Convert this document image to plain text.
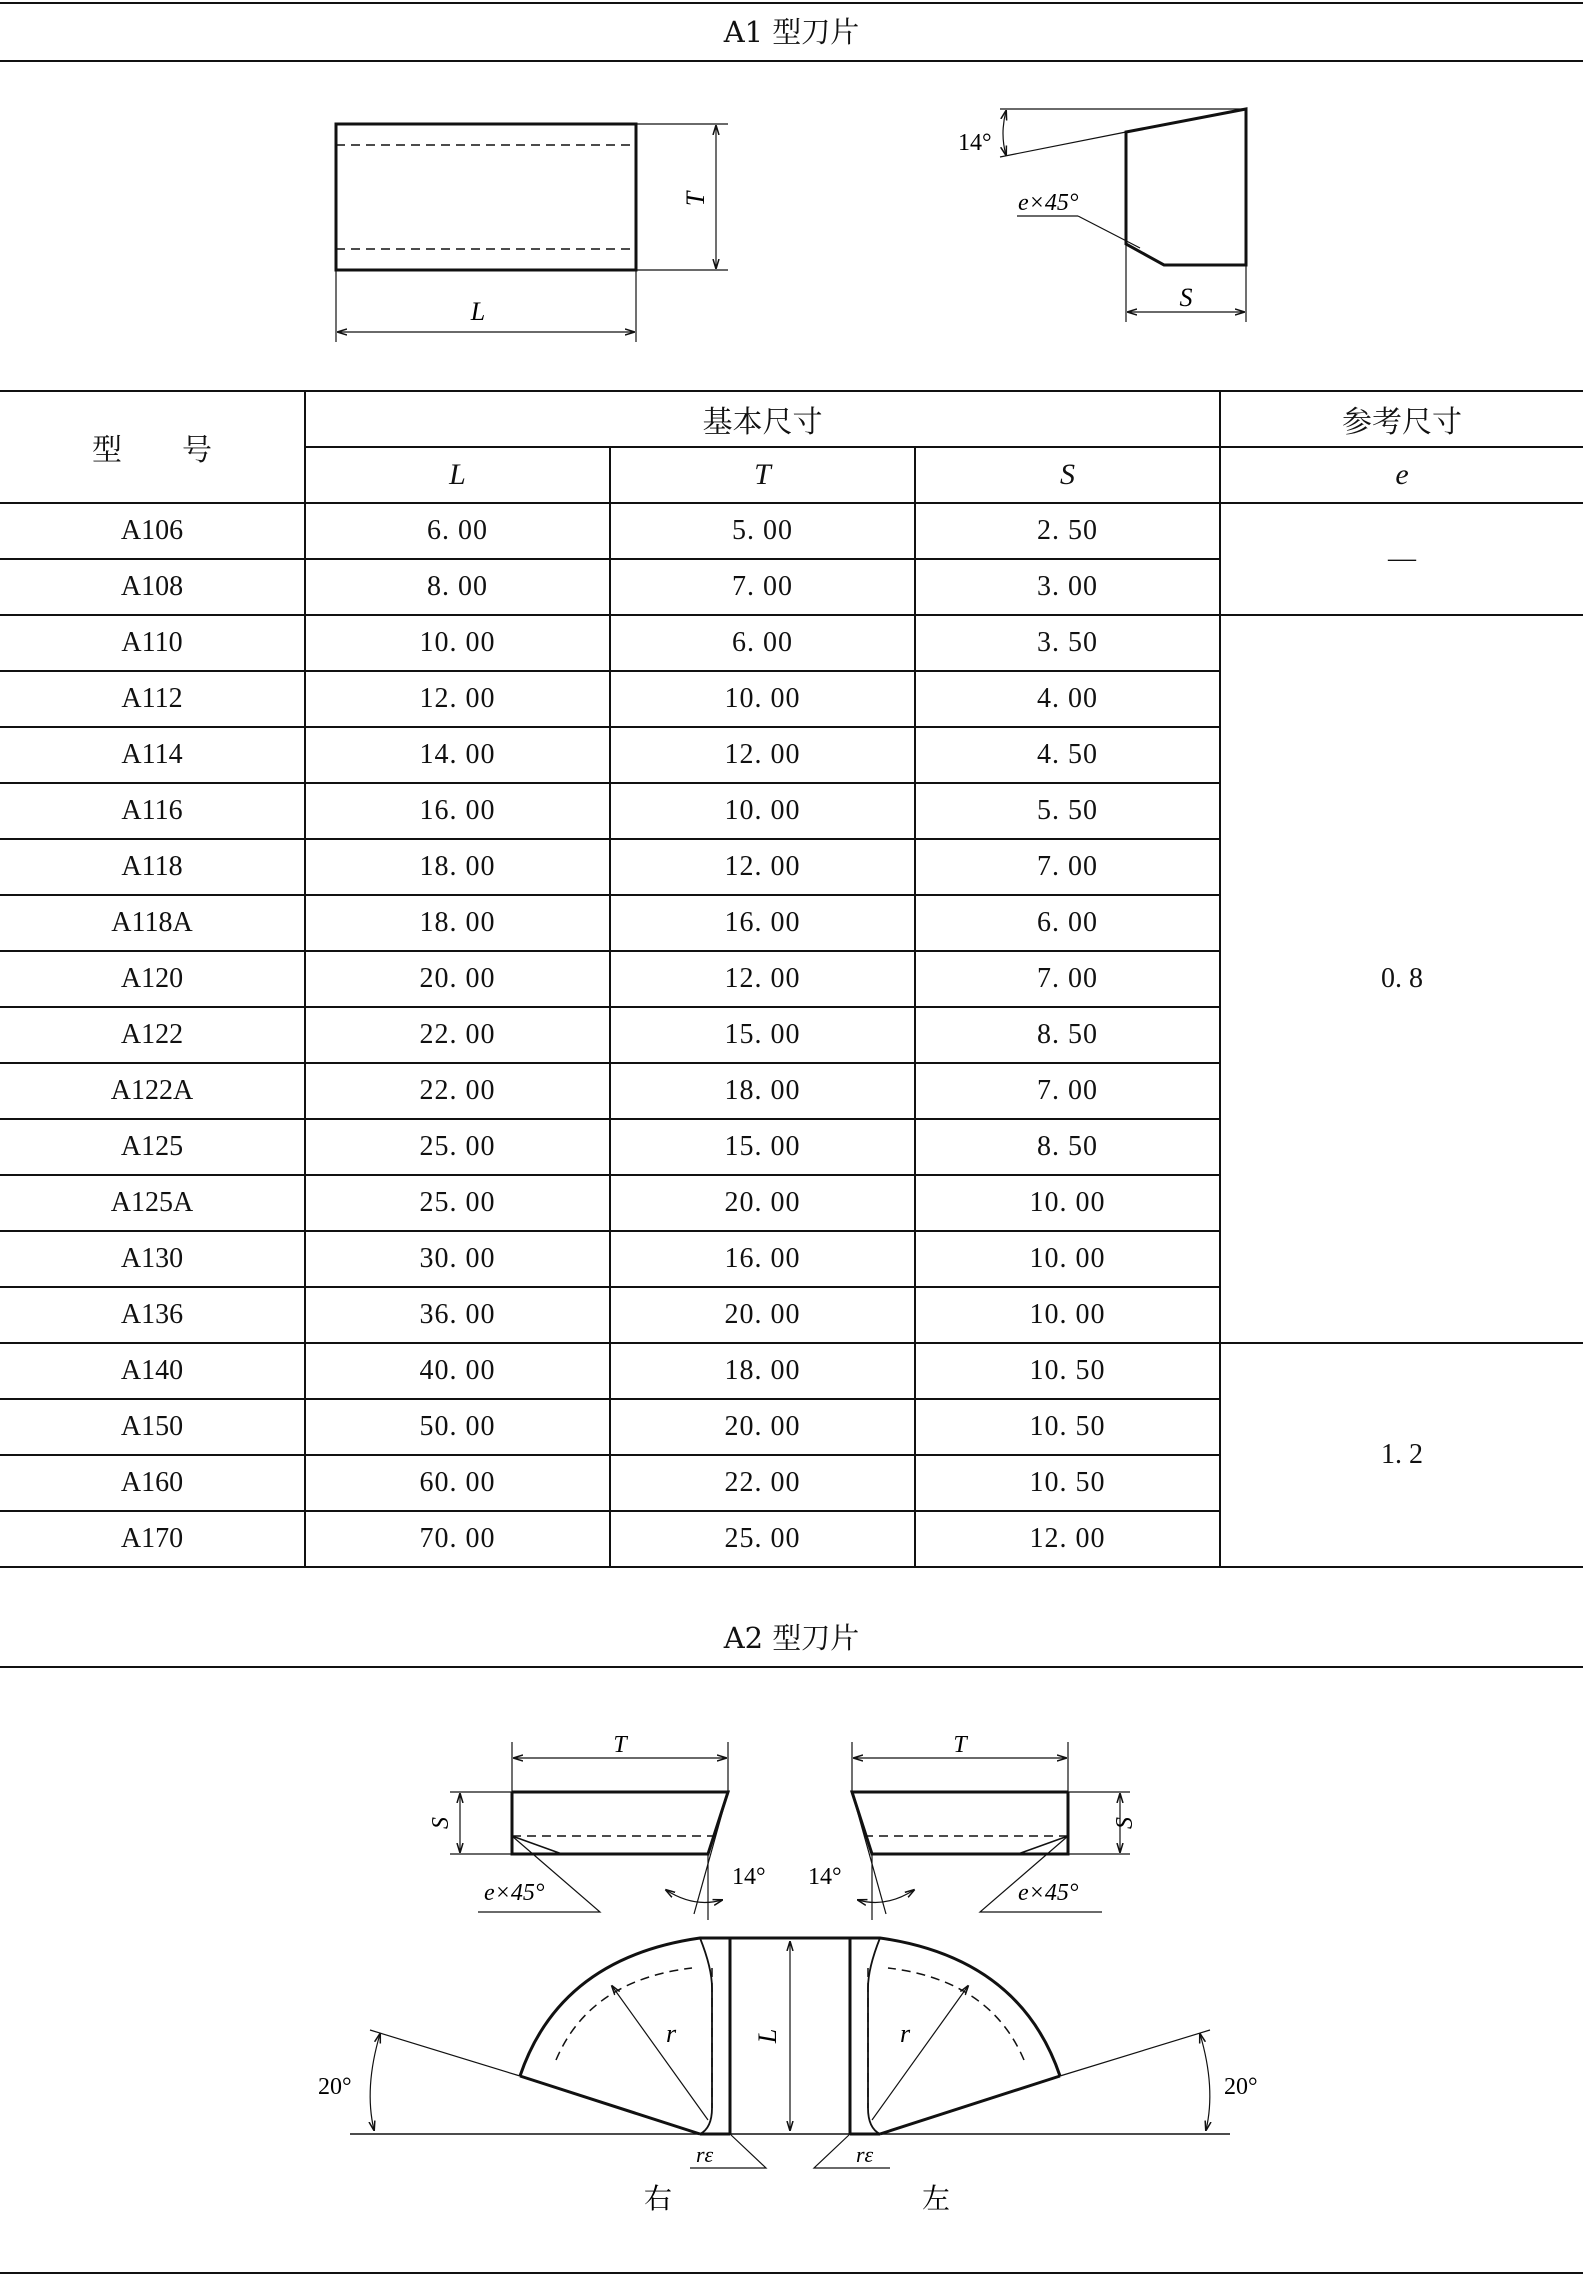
A1 型刀片
T
L
14°
e×45°
S
型　　号	基本尺寸			参考尺寸
	L	T	S	e
A106	6. 00	5. 00	2. 50	—
A108	8. 00	7. 00	3. 00	
A110	10. 00	6. 00	3. 50	0. 8
A112	12. 00	10. 00	4. 00	
A114	14. 00	12. 00	4. 50	
A116	16. 00	10. 00	5. 50	
A118	18. 00	12. 00	7. 00	
A118A	18. 00	16. 00	6. 00	
A120	20. 00	12. 00	7. 00	
A122	22. 00	15. 00	8. 50	
A122A	22. 00	18. 00	7. 00	
A125	25. 00	15. 00	8. 50	
A125A	25. 00	20. 00	10. 00	
A130	30. 00	16. 00	10. 00	
A136	36. 00	20. 00	10. 00	
A140	40. 00	18. 00	10. 50	1. 2
A150	50. 00	20. 00	10. 50	
A160	60. 00	22. 00	10. 50	
A170	70. 00	25. 00	12. 00	
A2 型刀片
T
S
e×45°
14°
T
S
e×45°
14°
r
20°
rε
右
r
20°
rε
左
L
